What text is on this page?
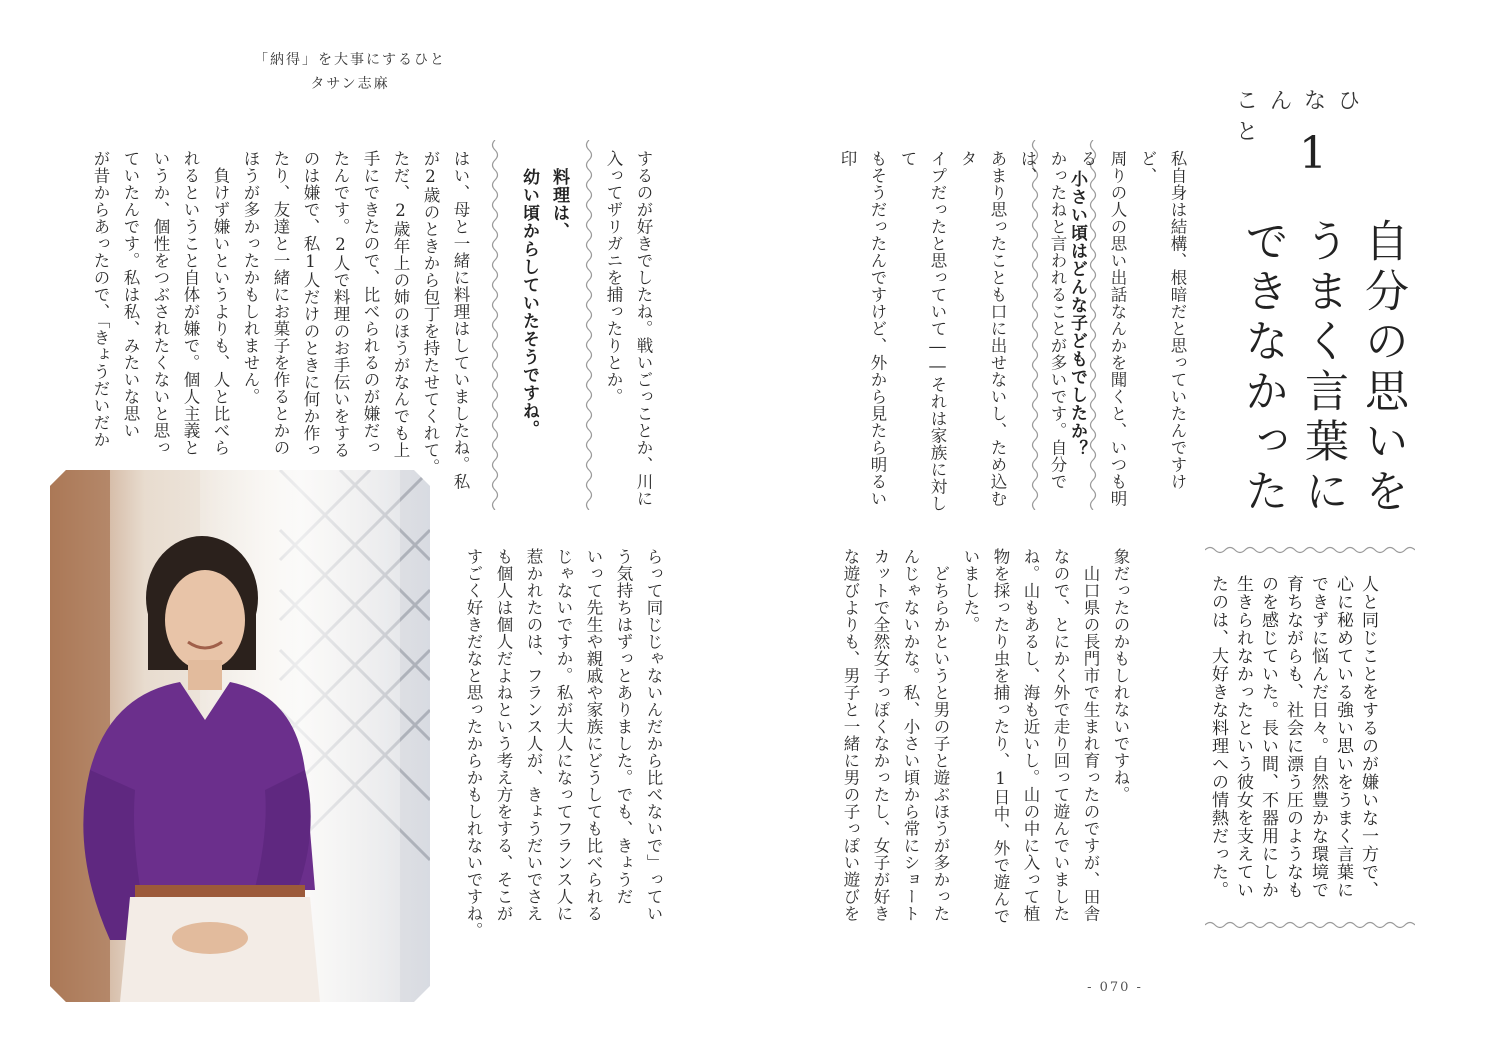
「納得」を大事にするひと
タサン志麻
こんなひと 1
自分の思いを
うまく言葉に
できなかった
人と同じことをするのが嫌いな一方で、
心に秘めている強い思いをうまく言葉に
できずに悩んだ日々。自然豊かな環境で
育ちながらも、社会に漂う圧のようなも
のを感じていた。長い間、不器用にしか
生きられなかったという彼女を支えてい
たのは、大好きな料理への情熱だった。
小さい頃はどんな子どもでしたか？	私自身は結構、根暗だと思っていたんですけど、
周りの人の思い出話なんかを聞くと、いつも明る
かったねと言われることが多いです。自分では、
あまり思ったことも口に出せないし、ため込むタ
イプだったと思っていて――それは家族に対して
もそうだったんですけど、外から見たら明るい印
象だったのかもしれないですね。
　山口県の長門市で生まれ育ったのですが、田舎
なので、とにかく外で走り回って遊んでいました
ね。山もあるし、海も近いし。山の中に入って植
物を採ったり虫を捕ったり、1日中、外で遊んで
いました。
　どちらかというと男の子と遊ぶほうが多かった
んじゃないかな。私、小さい頃から常にショート
カットで全然女子っぽくなかったし、女子が好き
な遊びよりも、男子と一緒に男の子っぽい遊びを
するのが好きでしたね。戦いごっことか、川に
入ってザリガニを捕ったりとか。
料理は、
幼い頃からしていたそうですね。
はい、母と一緒に料理はしていましたね。私
が2歳のときから包丁を持たせてくれて。
ただ、2歳年上の姉のほうがなんでも上
手にできたので、比べられるのが嫌だっ
たんです。2人で料理のお手伝いをする
のは嫌で、私1人だけのときに何か作っ
たり、友達と一緒にお菓子を作るとかの
ほうが多かったかもしれません。
　負けず嫌いというよりも、人と比べら
れるということ自体が嫌で。個人主義と
いうか、個性をつぶされたくないと思っ
ていたんです。私は私、みたいな思い
が昔からあったので、「きょうだいだか
らって同じじゃないんだから比べないで」ってい
う気持ちはずっとありました。でも、きょうだ
いって先生や親戚や家族にどうしても比べられる
じゃないですか。私が大人になってフランス人に
惹かれたのは、フランス人が、きょうだいでさえ
も個人は個人だよねという考え方をする、そこが
すごく好きだなと思ったからかもしれないですね。
- 070 -
